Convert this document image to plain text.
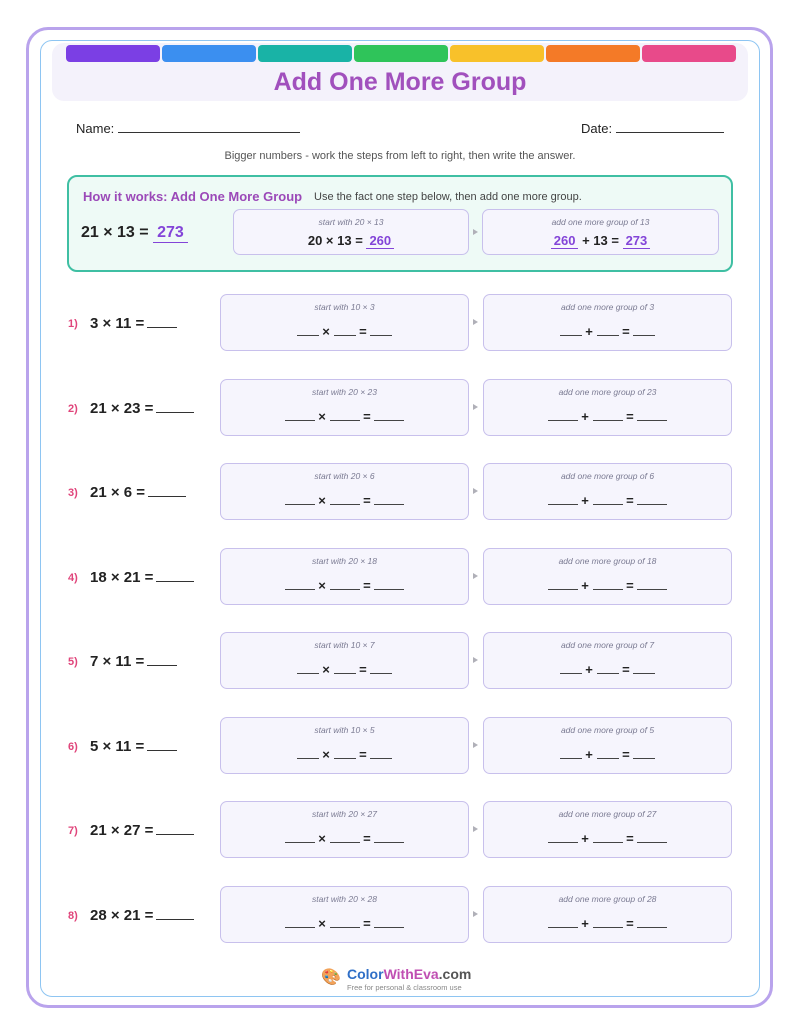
Add One More Group
Name:	Date:
Bigger numbers - work the steps from left to right, then write the answer.
How it works: Add One More Group Use the fact one step below, then add one more group.
21 × 13 = 273
start with 20 × 13
20 × 13 = 260
add one more group of 13
260 + 13 = 273
1) 3 × 11 =
start with 10 × 3
× =
add one more group of 3
+ =
2) 21 × 23 =
start with 20 × 23
×	=
add one more group of 23
+	=
3) 21 × 6 =
start with 20 × 6
×	=
add one more group of 6
+	=
4) 18 × 21 =
start with 20 × 18
×	=
add one more group of 18
+	=
5) 7 × 11 =
start with 10 × 7
× =
add one more group of 7
+ =
6) 5 × 11 =
start with 10 × 5
× =
add one more group of 5
+ =
7) 21 × 27 =
start with 20 × 27
×	=
add one more group of 27
+	=
8) 28 × 21 =
start with 20 × 28
×	=
add one more group of 28
+	=
🎨 ColorWithEva.com
Free for personal & classroom use
